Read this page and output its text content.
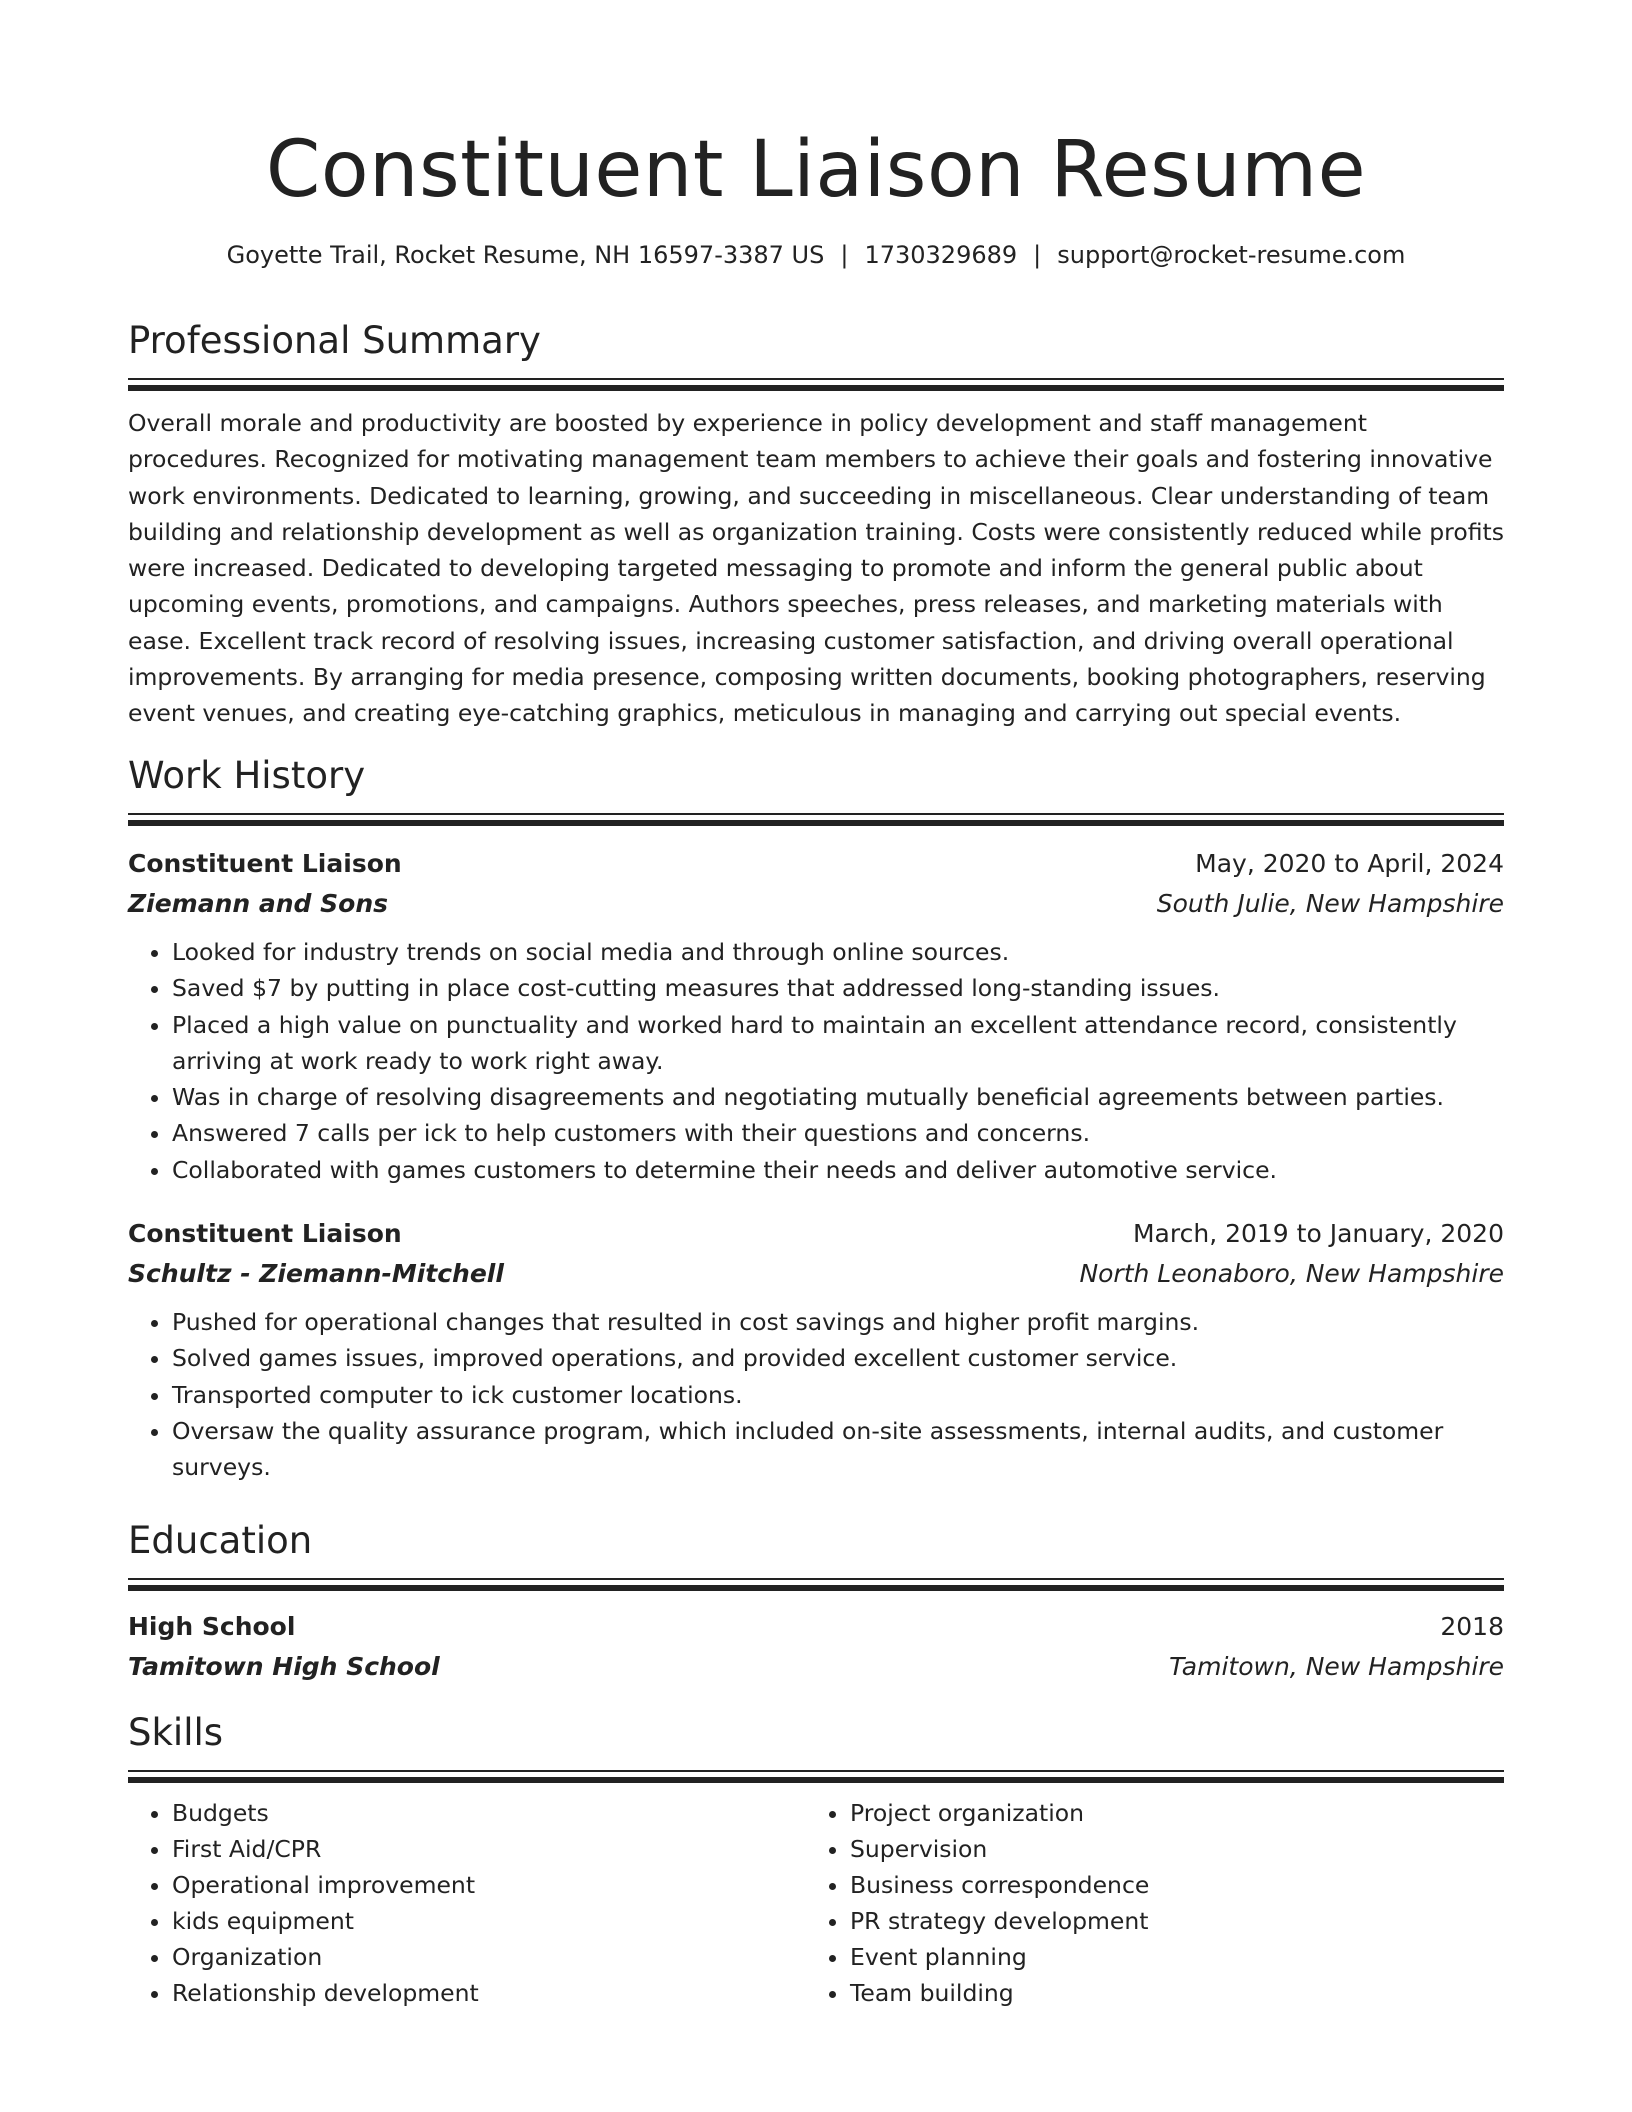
Constituent Liaison Resume
Goyette Trail, Rocket Resume, NH 16597-3387 US | 1730329689 | support@rocket-resume.com
Professional Summary
Overall morale and productivity are boosted by experience in policy development and staff management procedures. Recognized for motivating management team members to achieve their goals and fostering innovative work environments. Dedicated to learning, growing, and succeeding in miscellaneous. Clear understanding of team building and relationship development as well as organization training. Costs were consistently reduced while profits were increased. Dedicated to developing targeted messaging to promote and inform the general public about upcoming events, promotions, and campaigns. Authors speeches, press releases, and marketing materials with ease. Excellent track record of resolving issues, increasing customer satisfaction, and driving overall operational improvements. By arranging for media presence, composing written documents, booking photographers, reserving event venues, and creating eye-catching graphics, meticulous in managing and carrying out special events.
Work History
Constituent Liaison	May, 2020 to April, 2024
Ziemann and Sons	South Julie, New Hampshire
• Looked for industry trends on social media and through online sources.
• Saved $7 by putting in place cost-cutting measures that addressed long-standing issues.
• Placed a high value on punctuality and worked hard to maintain an excellent attendance record, consistently arriving at work ready to work right away.
• Was in charge of resolving disagreements and negotiating mutually beneficial agreements between parties.
• Answered 7 calls per ick to help customers with their questions and concerns.
• Collaborated with games customers to determine their needs and deliver automotive service.
Constituent Liaison	March, 2019 to January, 2020
Schultz - Ziemann-Mitchell	North Leonaboro, New Hampshire
• Pushed for operational changes that resulted in cost savings and higher profit margins.
• Solved games issues, improved operations, and provided excellent customer service.
• Transported computer to ick customer locations.
• Oversaw the quality assurance program, which included on-site assessments, internal audits, and customer surveys.
Education
High School	2018
Tamitown High School	Tamitown, New Hampshire
Skills
• Budgets
• First Aid/CPR
• Operational improvement
• kids equipment
• Organization
• Relationship development
• Project organization
• Supervision
• Business correspondence
• PR strategy development
• Event planning
• Team building
